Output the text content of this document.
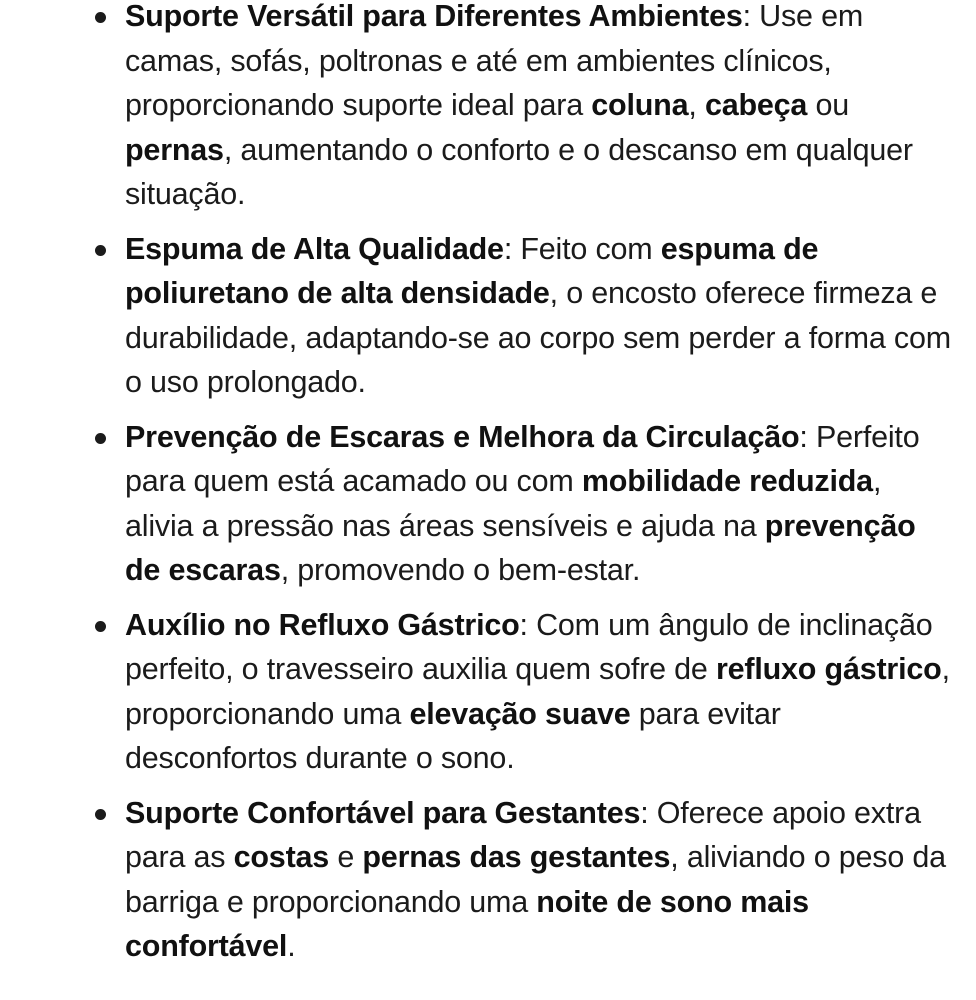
Suporte Versátil para Diferentes Ambientes: Use em camas, sofás, poltronas e até em ambientes clínicos, proporcionando suporte ideal para coluna, cabeça ou pernas, aumentando o conforto e o descanso em qualquer situação.
Espuma de Alta Qualidade: Feito com espuma de poliuretano de alta densidade, o encosto oferece firmeza e durabilidade, adaptando-se ao corpo sem perder a forma com o uso prolongado.
Prevenção de Escaras e Melhora da Circulação: Perfeito para quem está acamado ou com mobilidade reduzida, alivia a pressão nas áreas sensíveis e ajuda na prevenção de escaras, promovendo o bem-estar.
Auxílio no Refluxo Gástrico: Com um ângulo de inclinação perfeito, o travesseiro auxilia quem sofre de refluxo gástrico, proporcionando uma elevação suave para evitar desconfortos durante o sono.
Suporte Confortável para Gestantes: Oferece apoio extra para as costas e pernas das gestantes, aliviando o peso da barriga e proporcionando uma noite de sono mais confortável.
